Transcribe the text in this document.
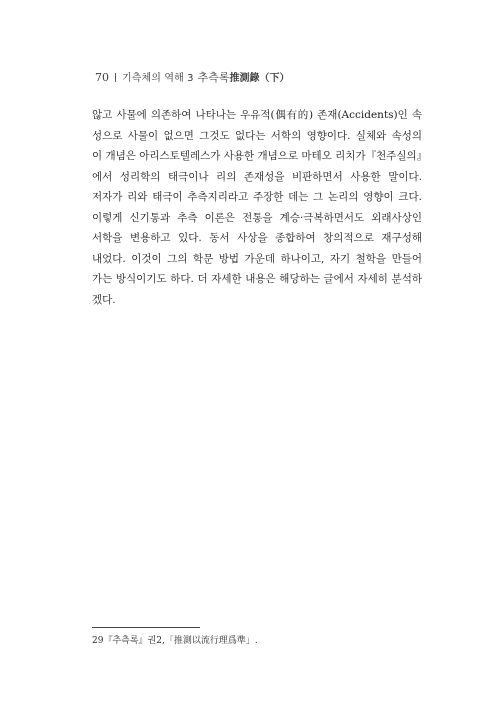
70 기측체의 역해 3 추측록推測錄（下）
않고 사물에 의존하여 나타나는 우유적(偶有的) 존재(Accidents)인 속
성으로 사물이 없으면 그것도 없다는 서학의 영향이다. 실체와 속성의
이 개념은 아리스토텔레스가 사용한 개념으로 마테오 리치가『천주실의』
에서 성리학의 태극이나 리의 존재성을 비판하면서 사용한 말이다.
저자가 리와 태극이 추측지리라고 주장한 데는 그 논리의 영향이 크다.
이렇게 신기통과 추측 이론은 전통을 계승·극복하면서도 외래사상인
서학을 변용하고 있다. 동서 사상을 종합하여 창의적으로 재구성해
내었다. 이것이 그의 학문 방법 가운데 하나이고, 자기 철학을 만들어
가는 방식이기도 하다. 더 자세한 내용은 해당하는 글에서 자세히 분석하
겠다.
29『추측록』권2,「推測以流行理爲準」.
